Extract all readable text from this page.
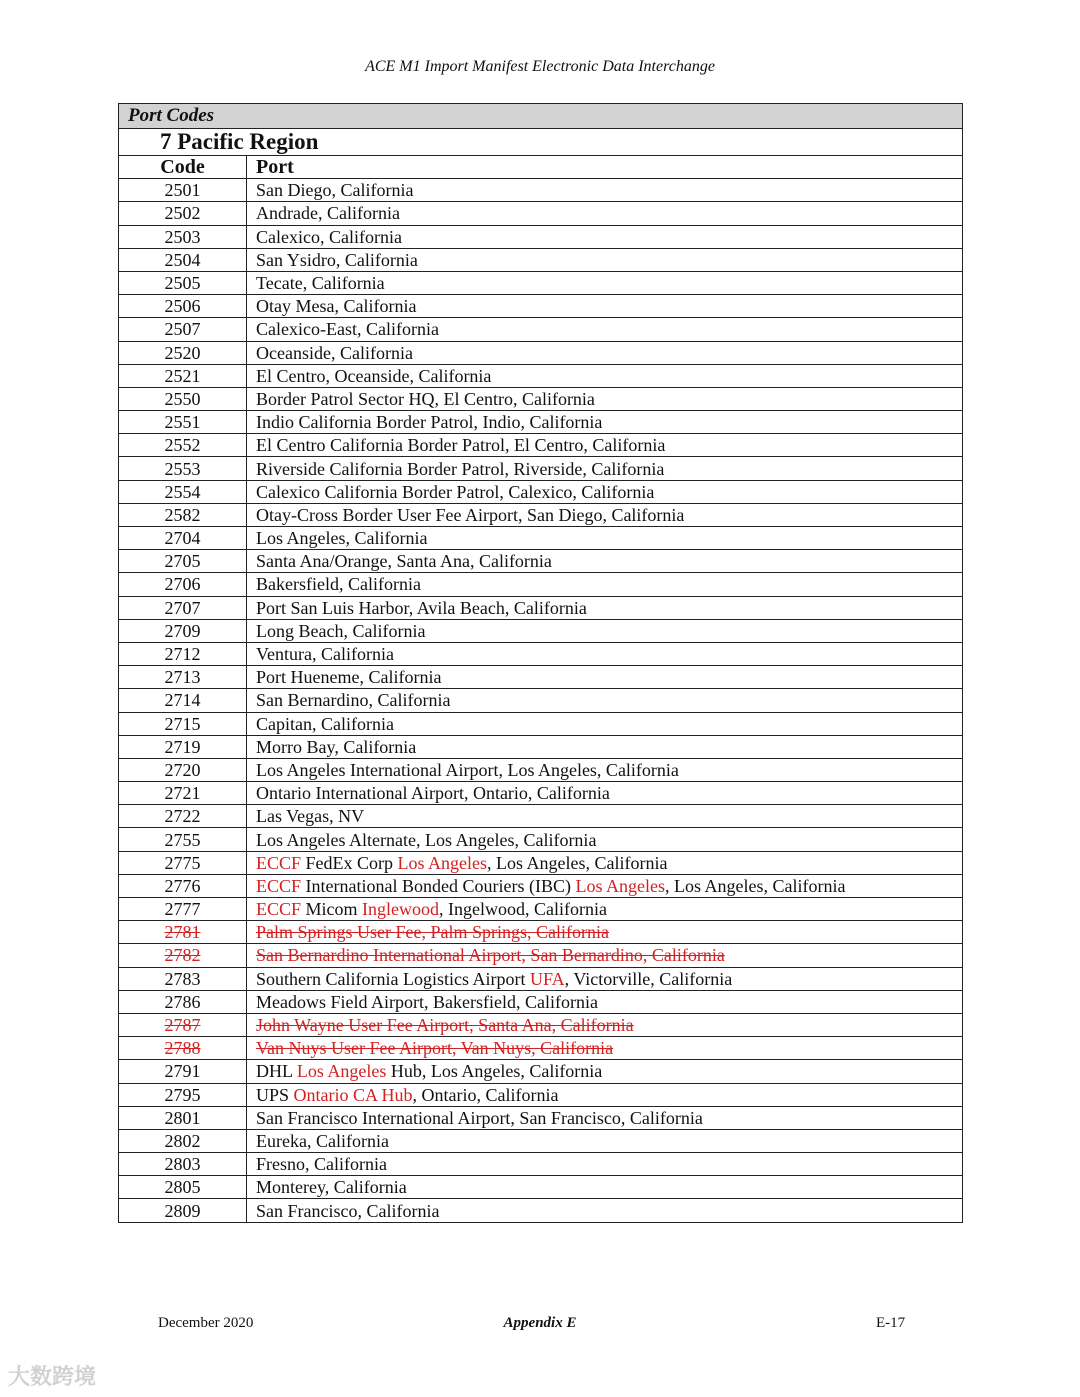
ACE M1 Import Manifest Electronic Data Interchange
Port Codes	
7 Pacific Region	
Code	Port
2501	San Diego, California
2502	Andrade, California
2503	Calexico, California
2504	San Ysidro, California
2505	Tecate, California
2506	Otay Mesa, California
2507	Calexico-East, California
2520	Oceanside, California
2521	El Centro, Oceanside, California
2550	Border Patrol Sector HQ, El Centro, California
2551	Indio California Border Patrol, Indio, California
2552	El Centro California Border Patrol, El Centro, California
2553	Riverside California Border Patrol, Riverside, California
2554	Calexico California Border Patrol, Calexico, California
2582	Otay-Cross Border User Fee Airport, San Diego, California
2704	Los Angeles, California
2705	Santa Ana/Orange, Santa Ana, California
2706	Bakersfield, California
2707	Port San Luis Harbor, Avila Beach, California
2709	Long Beach, California
2712	Ventura, California
2713	Port Hueneme, California
2714	San Bernardino, California
2715	Capitan, California
2719	Morro Bay, California
2720	Los Angeles International Airport, Los Angeles, California
2721	Ontario International Airport, Ontario, California
2722	Las Vegas, NV
2755	Los Angeles Alternate, Los Angeles, California
2775	ECCF FedEx Corp Los Angeles, Los Angeles, California
2776	ECCF International Bonded Couriers (IBC) Los Angeles, Los Angeles, California
2777	ECCF Micom Inglewood, Ingelwood, California
2781	Palm Springs User Fee, Palm Springs, California
2782	San Bernardino International Airport, San Bernardino, California
2783	Southern California Logistics Airport UFA, Victorville, California
2786	Meadows Field Airport, Bakersfield, California
2787	John Wayne User Fee Airport, Santa Ana, California
2788	Van Nuys User Fee Airport, Van Nuys, California
2791	DHL Los Angeles Hub, Los Angeles, California
2795	UPS Ontario CA Hub, Ontario, California
2801	San Francisco International Airport, San Francisco, California
2802	Eureka, California
2803	Fresno, California
2805	Monterey, California
2809	San Francisco, California
December 2020	Appendix E	E-17
大数跨境
